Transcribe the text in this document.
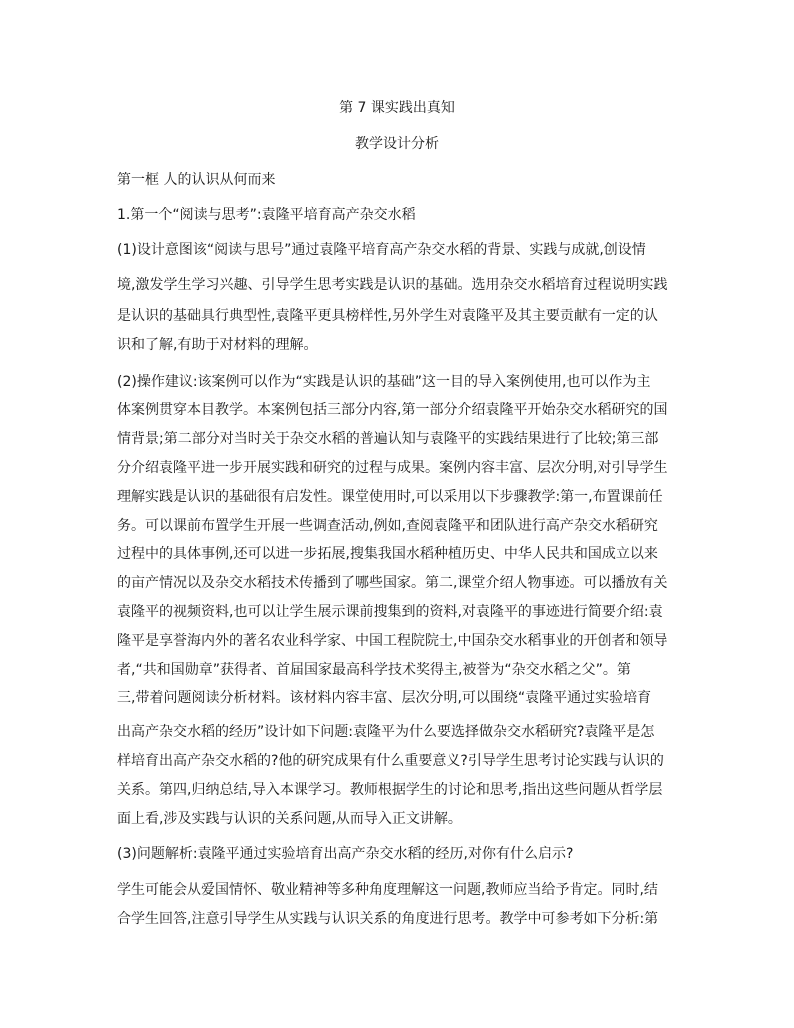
第 7 课实践出真知
教学设计分析
第一框 人的认识从何而来
1.第一个“阅读与思考”:袁隆平培育高产杂交水稻
(1)设计意图该“阅读与思号”通过袁隆平培育高产杂交水稻的背景、实践与成就,创设情
境,激发学生学习兴趣、引导学生思考实践是认识的基础。选用杂交水稻培育过程说明实践
是认识的基础具行典型性,袁隆平更具榜样性,另外学生对袁隆平及其主要贡献有一定的认
识和了解,有助于对材料的理解。
(2)操作建议:该案例可以作为“实践是认识的基础”这一目的导入案例使用,也可以作为主
体案例贯穿本目教学。本案例包括三部分内容,第一部分介绍袁隆平开始杂交水稻研究的国
情背景;第二部分对当时关于杂交水稻的普遍认知与袁隆平的实践结果进行了比较;第三部
分介绍袁隆平进一步开展实践和研究的过程与成果。案例内容丰富、层次分明,对引导学生
理解实践是认识的基础很有启发性。课堂使用时,可以采用以下步骤教学:第一,布置课前任
务。可以课前布置学生开展一些调查活动,例如,查阅袁隆平和团队进行高产杂交水稻研究
过程中的具体事例,还可以进一步拓展,搜集我国水稻种植历史、中华人民共和国成立以来
的亩产情况以及杂交水稻技术传播到了哪些国家。第二,课堂介绍人物事迹。可以播放有关
袁隆平的视频资料,也可以让学生展示课前搜集到的资料,对袁隆平的事迹进行简要介绍:袁
隆平是享誉海内外的著名农业科学家、中国工程院院士,中国杂交水稻事业的开创者和领导
者,“共和国勋章”获得者、首届国家最高科学技术奖得主,被誉为“杂交水稻之父”。第
三,带着问题阅读分析材料。该材料内容丰富、层次分明,可以围绕“袁隆平通过实验培育
出高产杂交水稻的经历”设计如下问题:袁隆平为什么要选择做杂交水稻研究?袁隆平是怎
样培育出高产杂交水稻的?他的研究成果有什么重要意义?引导学生思考讨论实践与认识的
关系。第四,归纳总结,导入本课学习。教师根据学生的讨论和思考,指出这些问题从哲学层
面上看,涉及实践与认识的关系问题,从而导入正文讲解。
(3)问题解析:袁隆平通过实验培育出高产杂交水稻的经历,对你有什么启示?
学生可能会从爱国情怀、敬业精神等多种角度理解这一问题,教师应当给予肯定。同时,结
合学生回答,注意引导学生从实践与认识关系的角度进行思考。教学中可参考如下分析:第
